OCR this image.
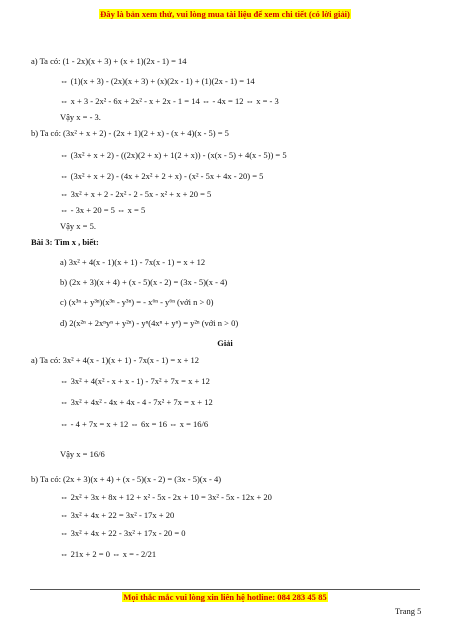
Đây là bản xem thử, vui lòng mua tài liệu để xem chi tiết (có lời giải)
a) Ta có: (1 - 2x)(x + 3) + (x + 1)(2x - 1) = 14
⇔ (1)(x + 3) - (2x)(x + 3) + (x)(2x - 1) + (1)(2x - 1) = 14
⇔ x + 3 - 2x² - 6x + 2x² - x + 2x - 1 = 14 ⇔ - 4x = 12 ⇔ x = - 3
Vậy x = - 3.
b) Ta có: (3x² + x + 2) - (2x + 1)(2 + x) - (x + 4)(x - 5) = 5
⇔ (3x² + x + 2) - ((2x)(2 + x) + 1(2 + x)) - (x(x - 5) + 4(x - 5)) = 5
⇔ (3x² + x + 2) - (4x + 2x² + 2 + x) - (x² - 5x + 4x - 20) = 5
⇔ 3x² + x + 2 - 2x² - 2 - 5x - x² + x + 20 = 5
⇔ - 3x + 20 = 5 ⇔ x = 5
Vậy x = 5.
Bài 3: Tìm x , biết:
a) 3x² + 4(x - 1)(x + 1) - 7x(x - 1) = x + 12
b) (2x + 3)(x + 4) + (x - 5)(x - 2) = (3x - 5)(x - 4)
c) (x³ⁿ + y³ⁿ)(x³ⁿ - y³ⁿ) = - x⁶ⁿ - y⁶ⁿ (với n > 0)
d) 2(x²ⁿ + 2xⁿyⁿ + y²ⁿ) - yⁿ(4xⁿ + yⁿ) = y²ⁿ (với n > 0)
Giải
a) Ta có: 3x² + 4(x - 1)(x + 1) - 7x(x - 1) = x + 12
⇔ 3x² + 4(x² - x + x - 1) - 7x² + 7x = x + 12
⇔ 3x² + 4x² - 4x + 4x - 4 - 7x² + 7x = x + 12
⇔ - 4 + 7x = x + 12 ⇔ 6x = 16 ⇔ x = 16/6
Vậy x = 16/6
b) Ta có: (2x + 3)(x + 4) + (x - 5)(x - 2) = (3x - 5)(x - 4)
⇔ 2x² + 3x + 8x + 12 + x² - 5x - 2x + 10 = 3x² - 5x - 12x + 20
⇔ 3x² + 4x + 22 = 3x² - 17x + 20
⇔ 3x² + 4x + 22 - 3x² + 17x - 20 = 0
⇔ 21x + 2 = 0 ⇔ x = - 2/21
Mọi thắc mắc vui lòng xin liên hệ hotline: 084 283 45 85
Trang 5
